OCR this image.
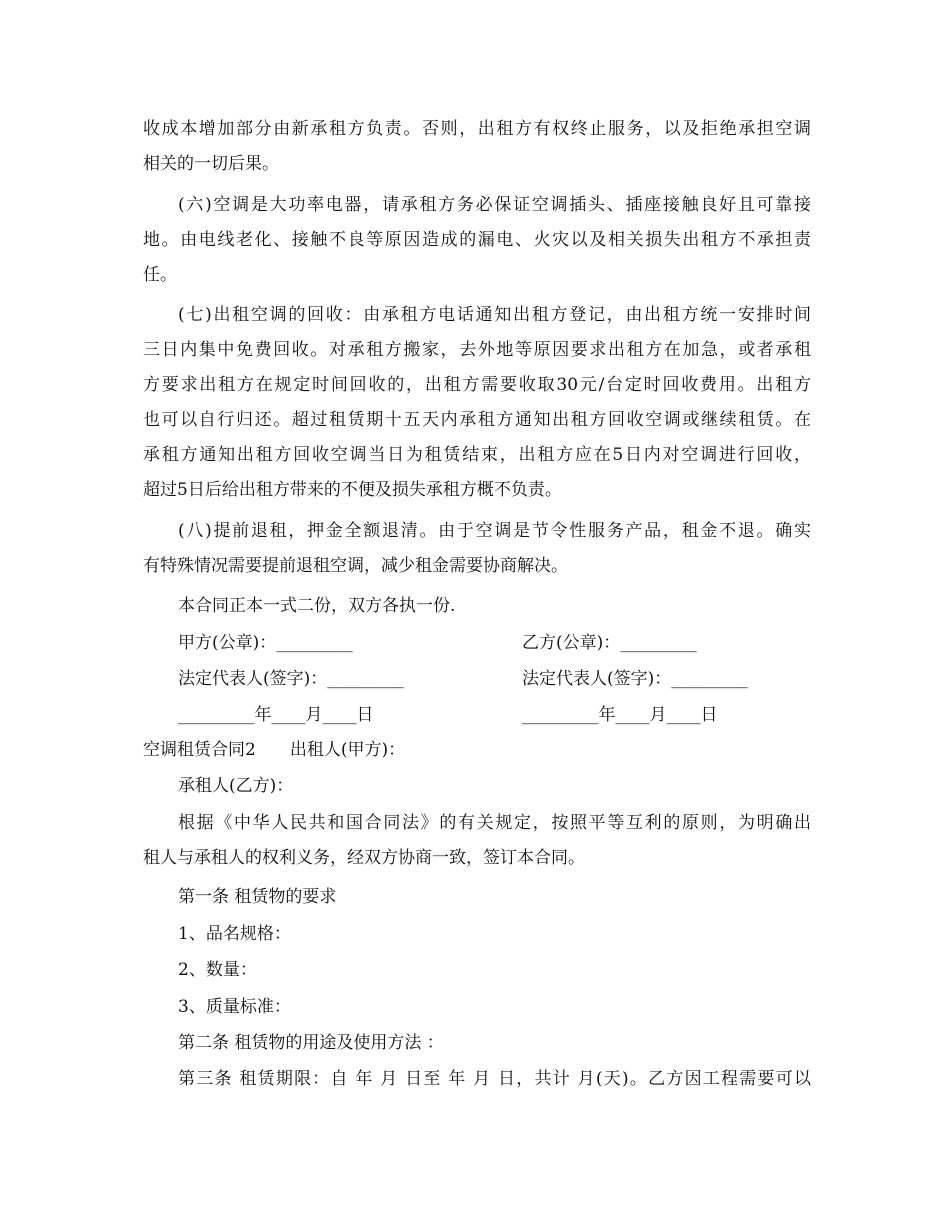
收成本增加部分由新承租方负责。否则，出租方有权终止服务，以及拒绝承担空调
相关的一切后果。
(六)空调是大功率电器，请承租方务必保证空调插头、插座接触良好且可靠接
地。由电线老化、接触不良等原因造成的漏电、火灾以及相关损失出租方不承担责
任。
(七)出租空调的回收：由承租方电话通知出租方登记，由出租方统一安排时间
三日内集中免费回收。对承租方搬家，去外地等原因要求出租方在加急，或者承租
方要求出租方在规定时间回收的，出租方需要收取30元/台定时回收费用。出租方
也可以自行归还。超过租赁期十五天内承租方通知出租方回收空调或继续租赁。在
承租方通知出租方回收空调当日为租赁结束，出租方应在5日内对空调进行回收，
超过5日后给出租方带来的不便及损失承租方概不负责。
(八)提前退租，押金全额退清。由于空调是节令性服务产品，租金不退。确实
有特殊情况需要提前退租空调，减少租金需要协商解决。
本合同正本一式二份，双方各执一份.
甲方(公章)：_________	乙方(公章)：_________
法定代表人(签字)：_________	法定代表人(签字)：_________
_________年____月____日	_________年____月____日
空调租赁合同2　　出租人(甲方)：
承租人(乙方)：
根据《中华人民共和国合同法》的有关规定，按照平等互利的原则，为明确出
租人与承租人的权利义务，经双方协商一致，签订本合同。
第一条 租赁物的要求
1、品名规格：
2、数量：
3、质量标准：
第二条 租赁物的用途及使用方法 ：
第三条 租赁期限：自 年 月 日至 年 月 日，共计 月(天)。乙方因工程需要可以
